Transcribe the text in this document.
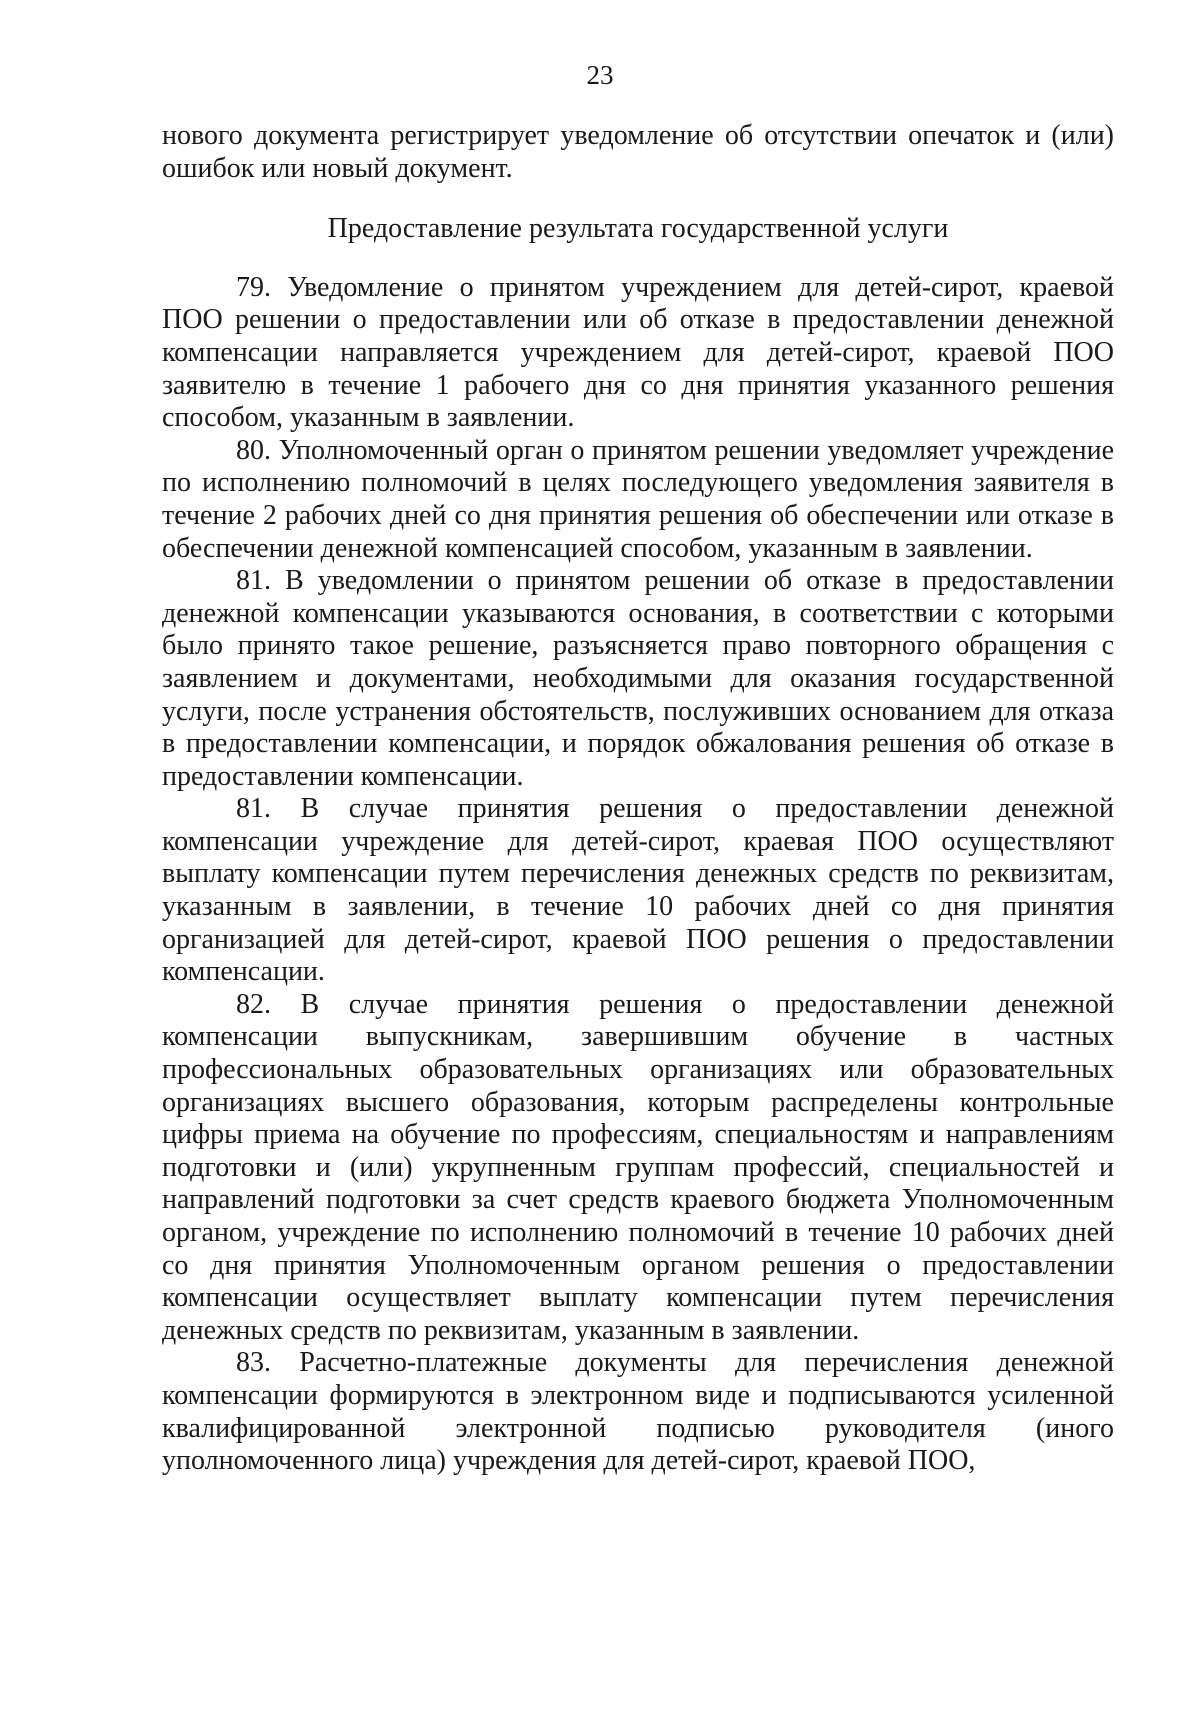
23

нового документа регистрирует уведомление об отсутствии опечаток и (или) ошибок или новый документ.

Предоставление результата государственной услуги

79. Уведомление о принятом учреждением для детей-сирот, краевой ПОО решении о предоставлении или об отказе в предоставлении денежной компенсации направляется учреждением для детей-сирот, краевой ПОО заявителю в течение 1 рабочего дня со дня принятия указанного решения способом, указанным в заявлении.

80. Уполномоченный орган о принятом решении уведомляет учреждение по исполнению полномочий в целях последующего уведомления заявителя в течение 2 рабочих дней со дня принятия решения об обеспечении или отказе в обеспечении денежной компенсацией способом, указанным в заявлении.

81. В уведомлении о принятом решении об отказе в предоставлении денежной компенсации указываются основания, в соответствии с которыми было принято такое решение, разъясняется право повторного обращения с заявлением и документами, необходимыми для оказания государственной услуги, после устранения обстоятельств, послуживших основанием для отказа в предоставлении компенсации, и порядок обжалования решения об отказе в предоставлении компенсации.

81. В случае принятия решения о предоставлении денежной компенсации учреждение для детей-сирот, краевая ПОО осуществляют выплату компенсации путем перечисления денежных средств по реквизитам, указанным в заявлении, в течение 10 рабочих дней со дня принятия организацией для детей-сирот, краевой ПОО решения о предоставлении компенсации.

82. В случае принятия решения о предоставлении денежной компенсации выпускникам, завершившим обучение в частных профессиональных образовательных организациях или образовательных организациях высшего образования, которым распределены контрольные цифры приема на обучение по профессиям, специальностям и направлениям подготовки и (или) укрупненным группам профессий, специальностей и направлений подготовки за счет средств краевого бюджета Уполномоченным органом, учреждение по исполнению полномочий в течение 10 рабочих дней со дня принятия Уполномоченным органом решения о предоставлении компенсации осуществляет выплату компенсации путем перечисления денежных средств по реквизитам, указанным в заявлении.

83. Расчетно-платежные документы для перечисления денежной компенсации формируются в электронном виде и подписываются усиленной квалифицированной электронной подписью руководителя (иного уполномоченного лица) учреждения для детей-сирот, краевой ПОО,
